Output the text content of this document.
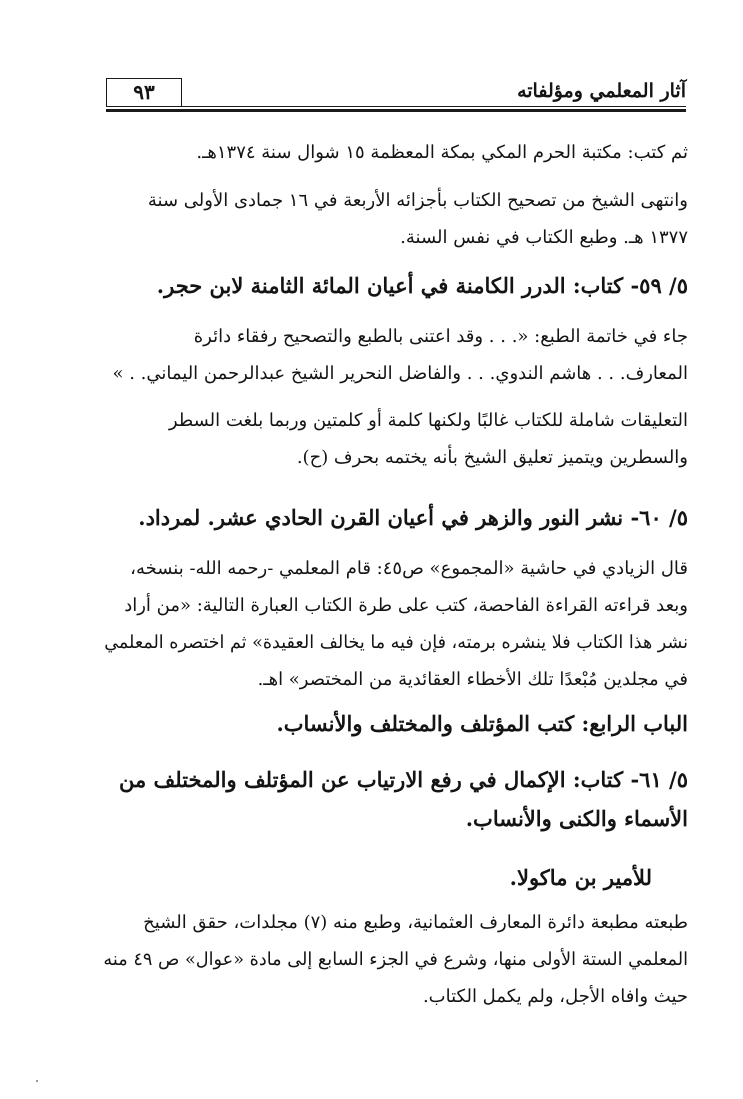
٩٣	آثار المعلمي ومؤلفاته
ثم كتب: مكتبة الحرم المكي بمكة المعظمة ١٥ شوال سنة ١٣٧٤هـ.
وانتهى الشيخ من تصحيح الكتاب بأجزائه الأربعة في ١٦ جمادى الأولى سنة
١٣٧٧ هـ. وطبع الكتاب في نفس السنة.
٥/ ٥٩- كتاب: الدرر الكامنة في أعيان المائة الثامنة لابن حجر.
جاء في خاتمة الطبع: «. . . وقد اعتنى بالطبع والتصحيح رفقاء دائرة
المعارف. . . هاشم الندوي. . . والفاضل النحرير الشيخ عبدالرحمن اليماني. . »
التعليقات شاملة للكتاب غالبًا ولكنها كلمة أو كلمتين وربما بلغت السطر
والسطرين ويتميز تعليق الشيخ بأنه يختمه بحرف (ح).
٥/ ٦٠- نشر النور والزهر في أعيان القرن الحادي عشر. لمرداد.
قال الزيادي في حاشية «المجموع» ص٤٥: قام المعلمي -رحمه الله- بنسخه،
وبعد قراءته القراءة الفاحصة، كتب على طرة الكتاب العبارة التالية: «من أراد
نشر هذا الكتاب فلا ينشره برمته، فإن فيه ما يخالف العقيدة» ثم اختصره المعلمي
في مجلدين مُبْعدًا تلك الأخطاء العقائدية من المختصر» اهـ.
الباب الرابع: كتب المؤتلف والمختلف والأنساب.
٥/ ٦١- كتاب: الإكمال في رفع الارتياب عن المؤتلف والمختلف من
الأسماء والكنى والأنساب.
للأمير بن ماكولا.
طبعته مطبعة دائرة المعارف العثمانية، وطبع منه (٧) مجلدات، حقق الشيخ
المعلمي الستة الأولى منها، وشرع في الجزء السابع إلى مادة «عوال» ص ٤٩ منه
حيث وافاه الأجل، ولم يكمل الكتاب.
